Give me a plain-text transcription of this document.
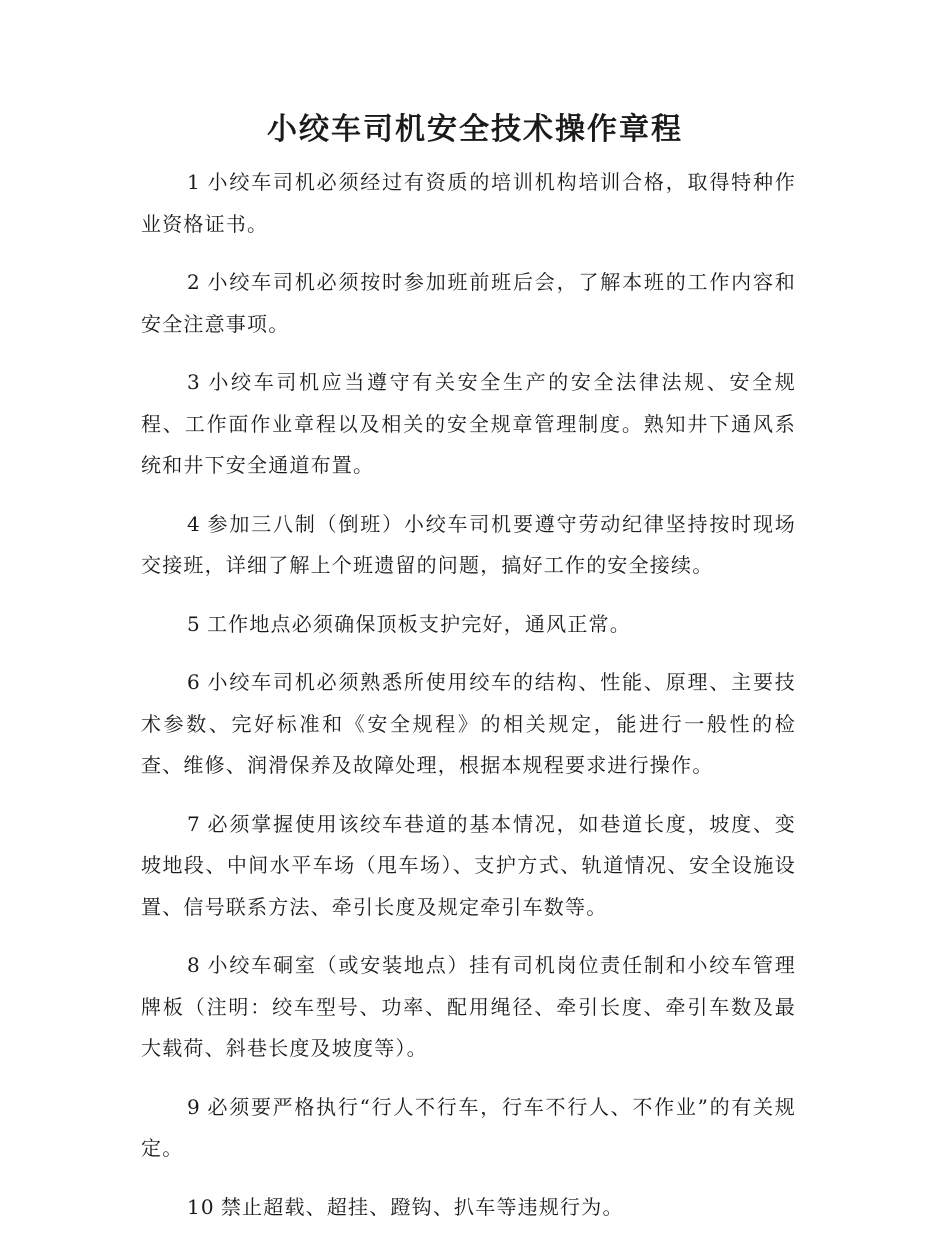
小绞车司机安全技术操作章程

1 小绞车司机必须经过有资质的培训机构培训合格，取得特种作业资格证书。

2 小绞车司机必须按时参加班前班后会，了解本班的工作内容和安全注意事项。

3 小绞车司机应当遵守有关安全生产的安全法律法规、安全规程、工作面作业章程以及相关的安全规章管理制度。熟知井下通风系统和井下安全通道布置。

4 参加三八制（倒班）小绞车司机要遵守劳动纪律坚持按时现场交接班，详细了解上个班遗留的问题，搞好工作的安全接续。

5 工作地点必须确保顶板支护完好，通风正常。

6 小绞车司机必须熟悉所使用绞车的结构、性能、原理、主要技术参数、完好标准和《安全规程》的相关规定，能进行一般性的检查、维修、润滑保养及故障处理，根据本规程要求进行操作。

7 必须掌握使用该绞车巷道的基本情况，如巷道长度，坡度、变坡地段、中间水平车场（甩车场）、支护方式、轨道情况、安全设施设置、信号联系方法、牵引长度及规定牵引车数等。

8 小绞车硐室（或安装地点）挂有司机岗位责任制和小绞车管理牌板（注明：绞车型号、功率、配用绳径、牵引长度、牵引车数及最大载荷、斜巷长度及坡度等）。

9 必须要严格执行“行人不行车，行车不行人、不作业”的有关规定。

10 禁止超载、超挂、蹬钩、扒车等违规行为。
